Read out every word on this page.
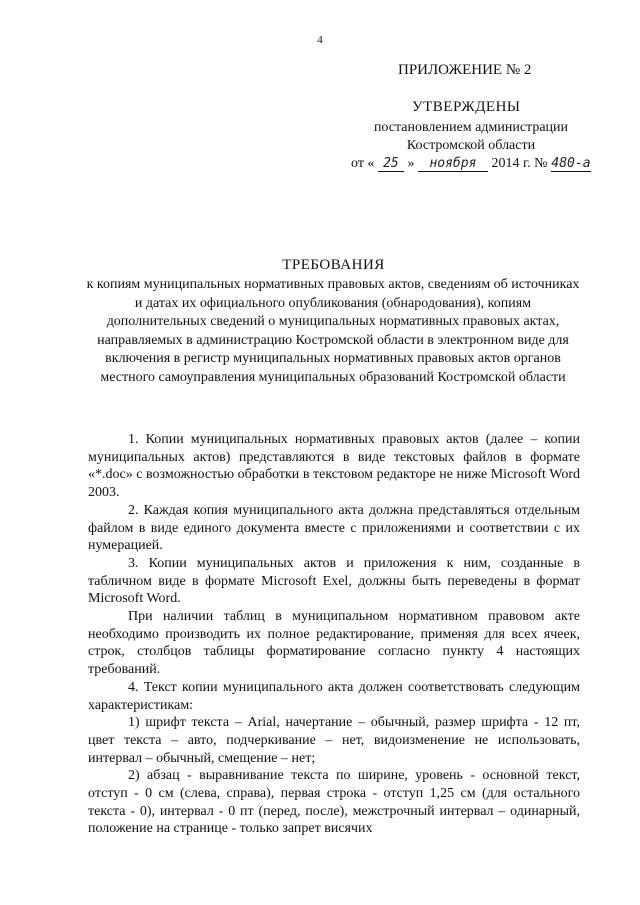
4
ПРИЛОЖЕНИЕ № 2
УТВЕРЖДЕНЫ
постановлением администрации
Костромской области
от « 25 » ноября 2014 г. № 480-а
ТРЕБОВАНИЯ
к копиям муниципальных нормативных правовых актов, сведениям об источниках и датах их официального опубликования (обнародования), копиям дополнительных сведений о муниципальных нормативных правовых актах, направляемых в администрацию Костромской области в электронном виде для включения в регистр муниципальных нормативных правовых актов органов местного самоуправления муниципальных образований Костромской области

1. Копии муниципальных нормативных правовых актов (далее – копии муниципальных актов) представляются в виде текстовых файлов в формате «*.doc» с возможностью обработки в текстовом редакторе не ниже Microsoft Word 2003.

2. Каждая копия муниципального акта должна представляться отдельным файлом в виде единого документа вместе с приложениями и соответствии с их нумерацией.

3. Копии муниципальных актов и приложения к ним, созданные в табличном виде в формате Microsoft Exel, должны быть переведены в формат Microsoft Word.

При наличии таблиц в муниципальном нормативном правовом акте необходимо производить их полное редактирование, применяя для всех ячеек, строк, столбцов таблицы форматирование согласно пункту 4 настоящих требований.

4. Текст копии муниципального акта должен соответствовать следующим характеристикам:

1) шрифт текста – Arial, начертание – обычный, размер шрифта - 12 пт, цвет текста – авто, подчеркивание – нет, видоизменение не использовать, интервал – обычный, смещение – нет;

2) абзац - выравнивание текста по ширине, уровень - основной текст, отступ - 0 см (слева, справа), первая строка - отступ 1,25 см (для остального текста - 0), интервал - 0 пт (перед, после), межстрочный интервал – одинарный, положение на странице - только запрет висячих
